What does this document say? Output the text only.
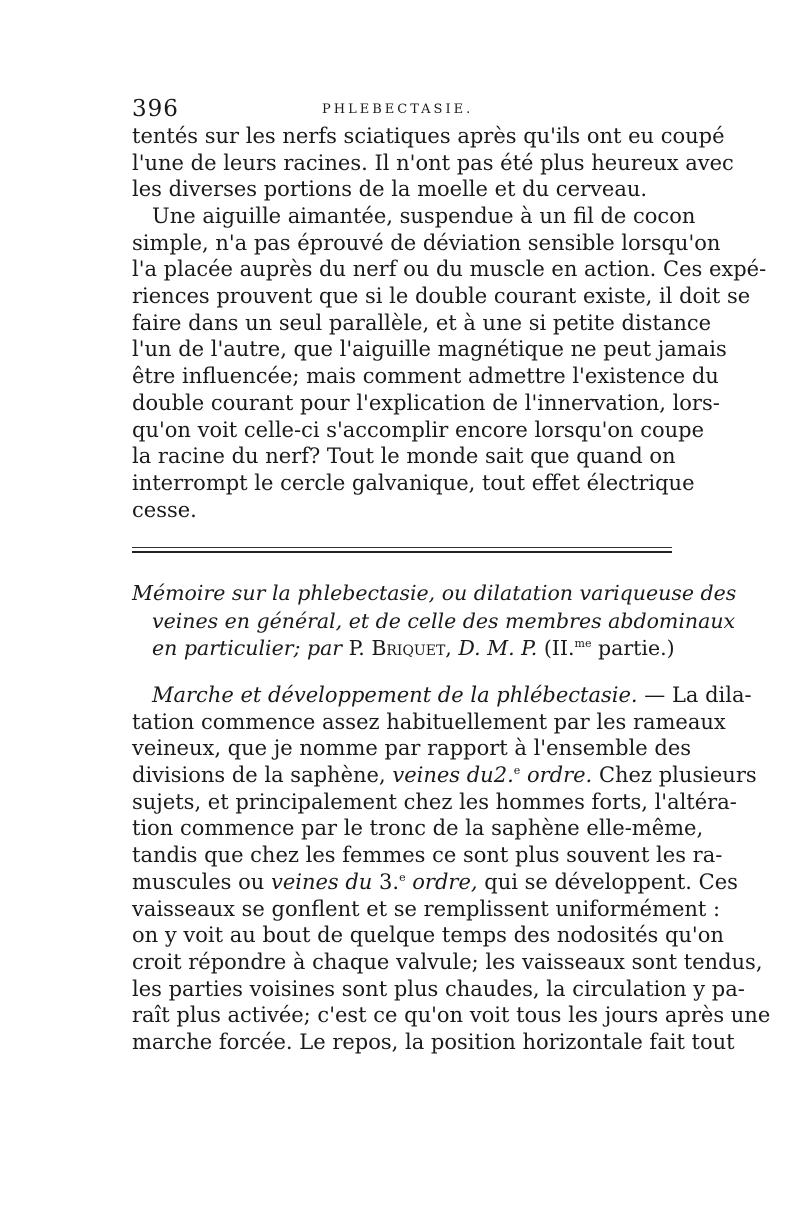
396	PHLEBECTASIE.
tentés sur les nerfs sciatiques après qu'ils ont eu coupé
l'une de leurs racines. Il n'ont pas été plus heureux avec
les diverses portions de la moelle et du cerveau.
Une aiguille aimantée, suspendue à un fil de cocon
simple, n'a pas éprouvé de déviation sensible lorsqu'on
l'a placée auprès du nerf ou du muscle en action. Ces expé-
riences prouvent que si le double courant existe, il doit se
faire dans un seul parallèle, et à une si petite distance
l'un de l'autre, que l'aiguille magnétique ne peut jamais
être influencée; mais comment admettre l'existence du
double courant pour l'explication de l'innervation, lors-
qu'on voit celle-ci s'accomplir encore lorsqu'on coupe
la racine du nerf? Tout le monde sait que quand on
interrompt le cercle galvanique, tout effet électrique
cesse.
Mémoire sur la phlebectasie, ou dilatation variqueuse des
veines en général, et de celle des membres abdominaux
en particulier; par P. Briquet, D. M. P. (II.$^{me}$ partie.)
Marche et développement de la phlébectasie. — La dila-
tation commence assez habituellement par les rameaux
veineux, que je nomme par rapport à l'ensemble des
divisions de la saphène, veines du2.$^e$ ordre. Chez plusieurs
sujets, et principalement chez les hommes forts, l'altéra-
tion commence par le tronc de la saphène elle-même,
tandis que chez les femmes ce sont plus souvent les ra-
muscules ou veines du 3.$^e$ ordre, qui se développent. Ces
vaisseaux se gonflent et se remplissent uniformément :
on y voit au bout de quelque temps des nodosités qu'on
croit répondre à chaque valvule; les vaisseaux sont tendus,
les parties voisines sont plus chaudes, la circulation y pa-
raît plus activée; c'est ce qu'on voit tous les jours après une
marche forcée. Le repos, la position horizontale fait tout
